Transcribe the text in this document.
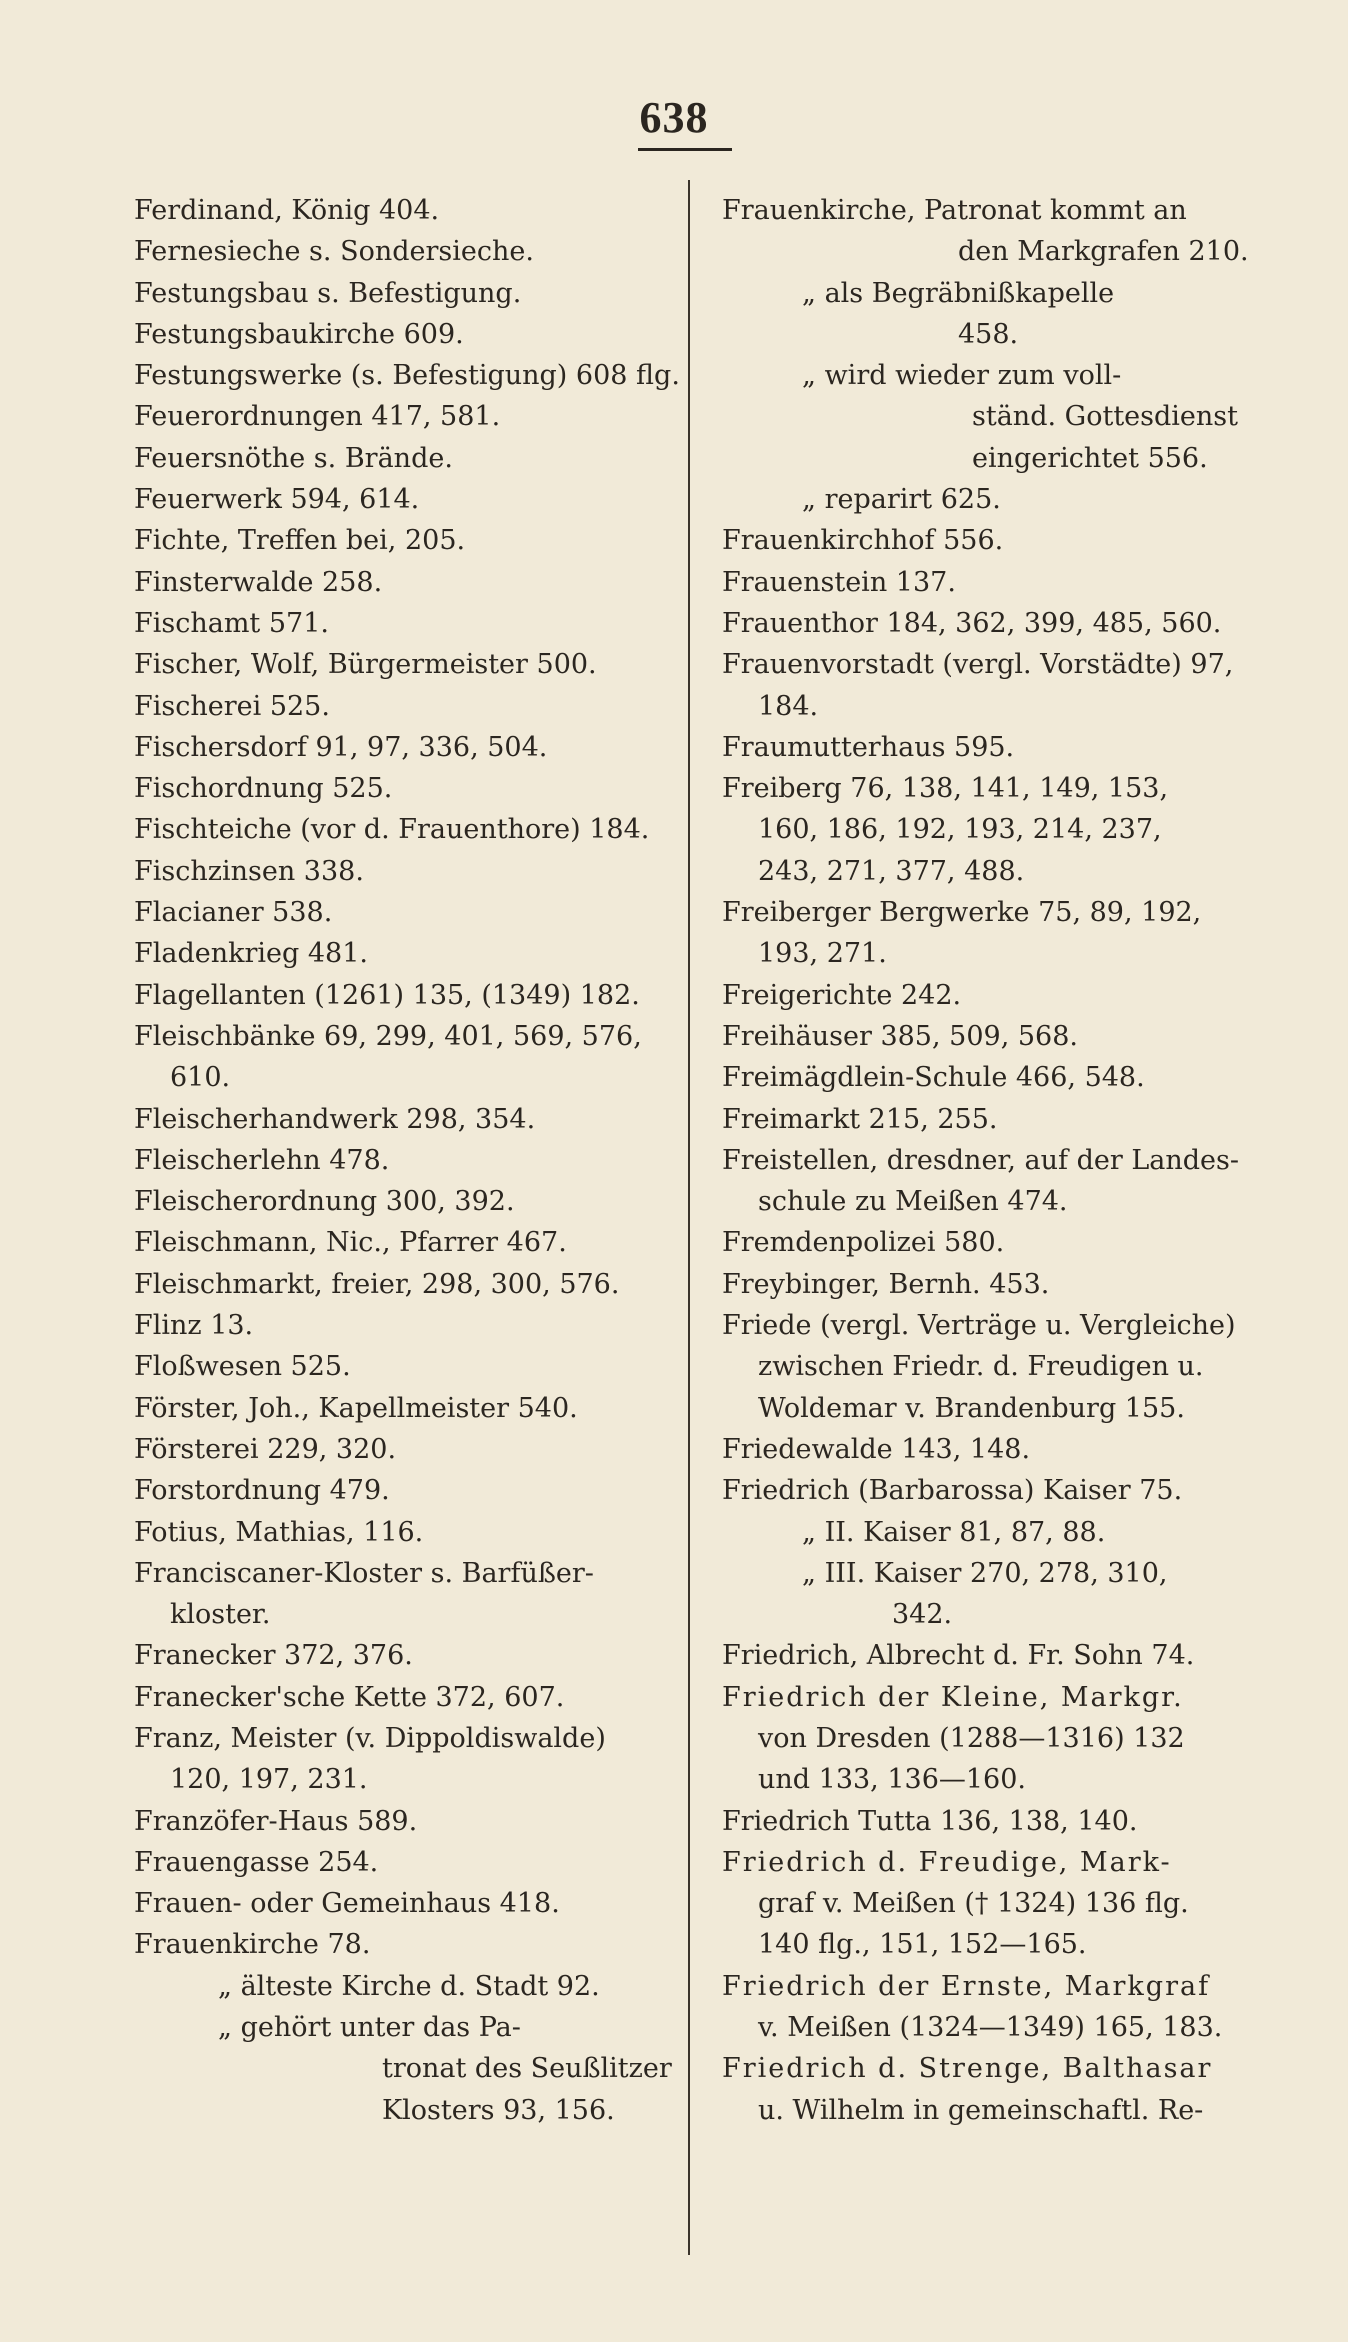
638
Ferdinand, König 404.
Fernesieche s. Sondersieche.
Festungsbau s. Befestigung.
Festungsbaukirche 609.
Festungswerke (s. Befestigung) 608 flg.
Feuerordnungen 417, 581.
Feuersnöthe s. Brände.
Feuerwerk 594, 614.
Fichte, Treffen bei, 205.
Finsterwalde 258.
Fischamt 571.
Fischer, Wolf, Bürgermeister 500.
Fischerei 525.
Fischersdorf 91, 97, 336, 504.
Fischordnung 525.
Fischteiche (vor d. Frauenthore) 184.
Fischzinsen 338.
Flacianer 538.
Fladenkrieg 481.
Flagellanten (1261) 135, (1349) 182.
Fleischbänke 69, 299, 401, 569, 576,
610.
Fleischerhandwerk 298, 354.
Fleischerlehn 478.
Fleischerordnung 300, 392.
Fleischmann, Nic., Pfarrer 467.
Fleischmarkt, freier, 298, 300, 576.
Flinz 13.
Floßwesen 525.
Förster, Joh., Kapellmeister 540.
Försterei 229, 320.
Forstordnung 479.
Fotius, Mathias, 116.
Franciscaner-Kloster s. Barfüßer-
kloster.
Franecker 372, 376.
Franecker'sche Kette 372, 607.
Franz, Meister (v. Dippoldiswalde)
120, 197, 231.
Franzöfer-Haus 589.
Frauengasse 254.
Frauen- oder Gemeinhaus 418.
Frauenkirche 78.
„ älteste Kirche d. Stadt 92.
„ gehört unter das Pa-
tronat des Seußlitzer
Klosters 93, 156.
Frauenkirche, Patronat kommt an
den Markgrafen 210.
„ als Begräbnißkapelle
458.
„ wird wieder zum voll-
ständ. Gottesdienst
eingerichtet 556.
„ reparirt 625.
Frauenkirchhof 556.
Frauenstein 137.
Frauenthor 184, 362, 399, 485, 560.
Frauenvorstadt (vergl. Vorstädte) 97,
184.
Fraumutterhaus 595.
Freiberg 76, 138, 141, 149, 153,
160, 186, 192, 193, 214, 237,
243, 271, 377, 488.
Freiberger Bergwerke 75, 89, 192,
193, 271.
Freigerichte 242.
Freihäuser 385, 509, 568.
Freimägdlein-Schule 466, 548.
Freimarkt 215, 255.
Freistellen, dresdner, auf der Landes-
schule zu Meißen 474.
Fremdenpolizei 580.
Freybinger, Bernh. 453.
Friede (vergl. Verträge u. Vergleiche)
zwischen Friedr. d. Freudigen u.
Woldemar v. Brandenburg 155.
Friedewalde 143, 148.
Friedrich (Barbarossa) Kaiser 75.
„ II. Kaiser 81, 87, 88.
„ III. Kaiser 270, 278, 310,
342.
Friedrich, Albrecht d. Fr. Sohn 74.
Friedrich der Kleine, Markgr.
von Dresden (1288—1316) 132
und 133, 136—160.
Friedrich Tutta 136, 138, 140.
Friedrich d. Freudige, Mark-
graf v. Meißen († 1324) 136 flg.
140 flg., 151, 152—165.
Friedrich der Ernste, Markgraf
v. Meißen (1324—1349) 165, 183.
Friedrich d. Strenge, Balthasar
u. Wilhelm in gemeinschaftl. Re-
